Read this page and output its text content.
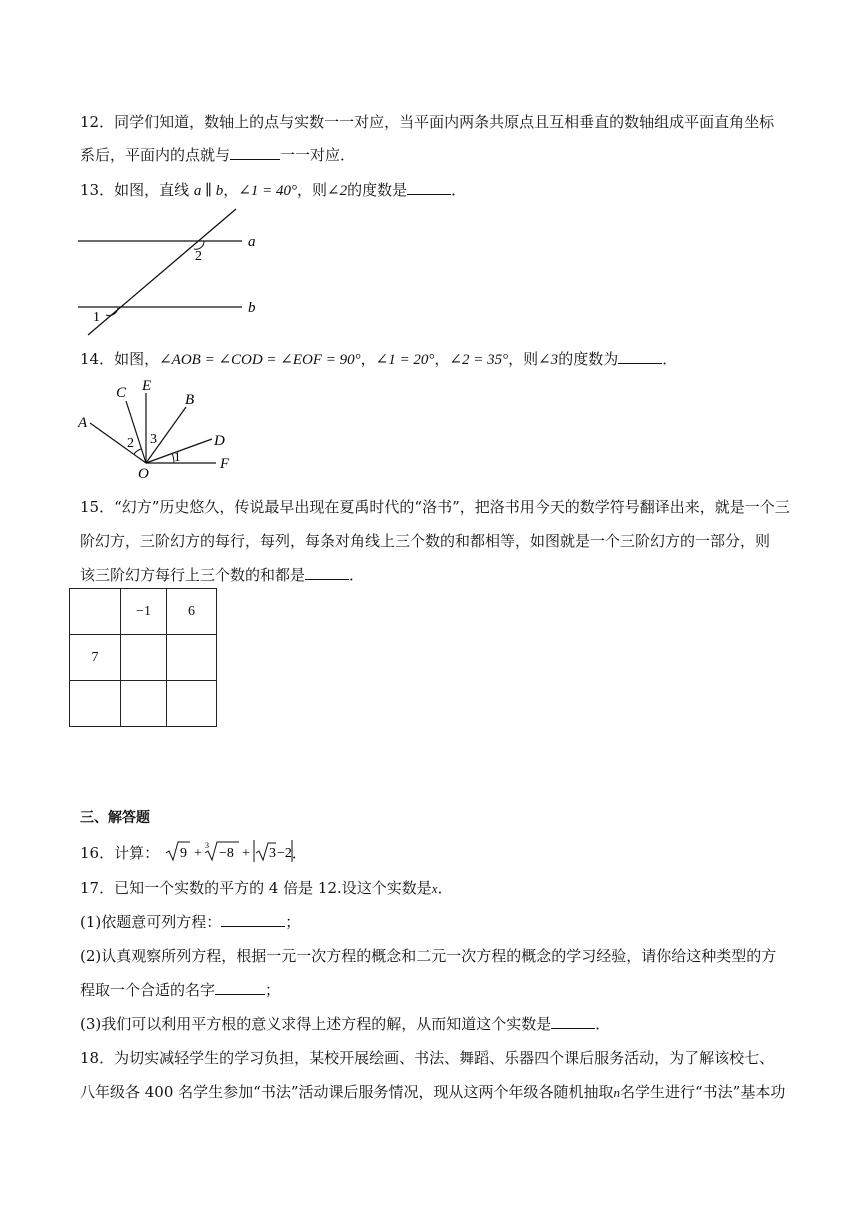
12．同学们知道，数轴上的点与实数一一对应，当平面内两条共原点且互相垂直的数轴组成平面直角坐标
系后，平面内的点就与	一一对应．
13．如图，直线 a ∥ b，∠1 = 40°，则∠2的度数是	．
a
b
2
1
14．如图，∠AOB = ∠COD = ∠EOF = 90°，∠1 = 20°，∠2 = 35°，则∠3的度数为	．
A
C E
B
D
F
O
1
2 3
15．“幻方”历史悠久，传说最早出现在夏禹时代的“洛书”，把洛书用今天的数学符号翻译出来，就是一个三
阶幻方，三阶幻方的每行，每列，每条对角线上三个数的和都相等，如图就是一个三阶幻方的一部分，则
该三阶幻方每行上三个数的和都是	．
	−1	6
7		

三、解答题
16．计算： 9 +
3
−8 + 3 −2 ．
17．已知一个实数的平方的 4 倍是 12.设这个实数是x．
(1)依题意可列方程：	；
(2)认真观察所列方程，根据一元一次方程的概念和二元一次方程的概念的学习经验，请你给这种类型的方
程取一个合适的名字	；
(3)我们可以利用平方根的意义求得上述方程的解，从而知道这个实数是	．
18．为切实减轻学生的学习负担，某校开展绘画、书法、舞蹈、乐器四个课后服务活动，为了解该校七、
八年级各 400 名学生参加“书法”活动课后服务情况，现从这两个年级各随机抽取n名学生进行“书法”基本功
